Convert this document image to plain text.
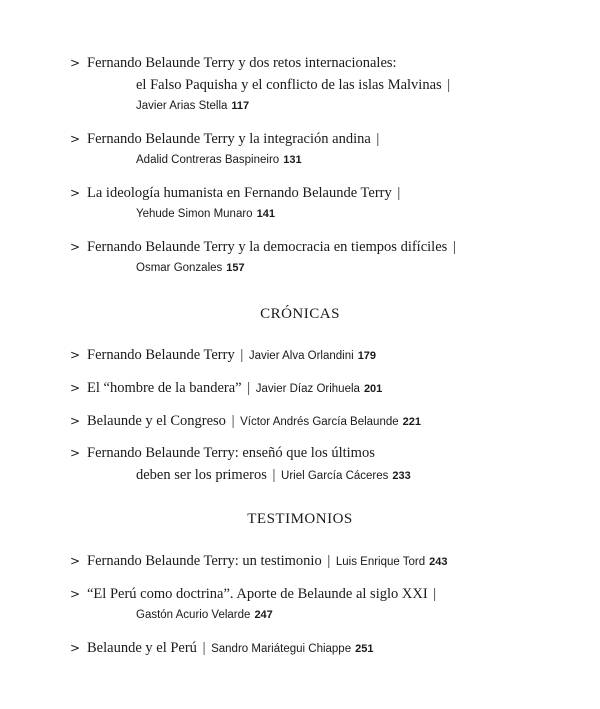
> Fernando Belaunde Terry y dos retos internacionales:
el Falso Paquisha y el conflicto de las islas Malvinas |
Javier Arias Stella 117
> Fernando Belaunde Terry y la integración andina |
Adalid Contreras Baspineiro 131
> La ideología humanista en Fernando Belaunde Terry |
Yehude Simon Munaro 141
> Fernando Belaunde Terry y la democracia en tiempos difíciles |
Osmar Gonzales 157
CRÓNICAS
> Fernando Belaunde Terry | Javier Alva Orlandini 179
> El “hombre de la bandera” | Javier Díaz Orihuela 201
> Belaunde y el Congreso | Víctor Andrés García Belaunde 221
> Fernando Belaunde Terry: enseñó que los últimos
deben ser los primeros | Uriel García Cáceres 233
TESTIMONIOS
> Fernando Belaunde Terry: un testimonio | Luis Enrique Tord 243
> “El Perú como doctrina”. Aporte de Belaunde al siglo XXI |
Gastón Acurio Velarde 247
> Belaunde y el Perú | Sandro Mariátegui Chiappe 251
